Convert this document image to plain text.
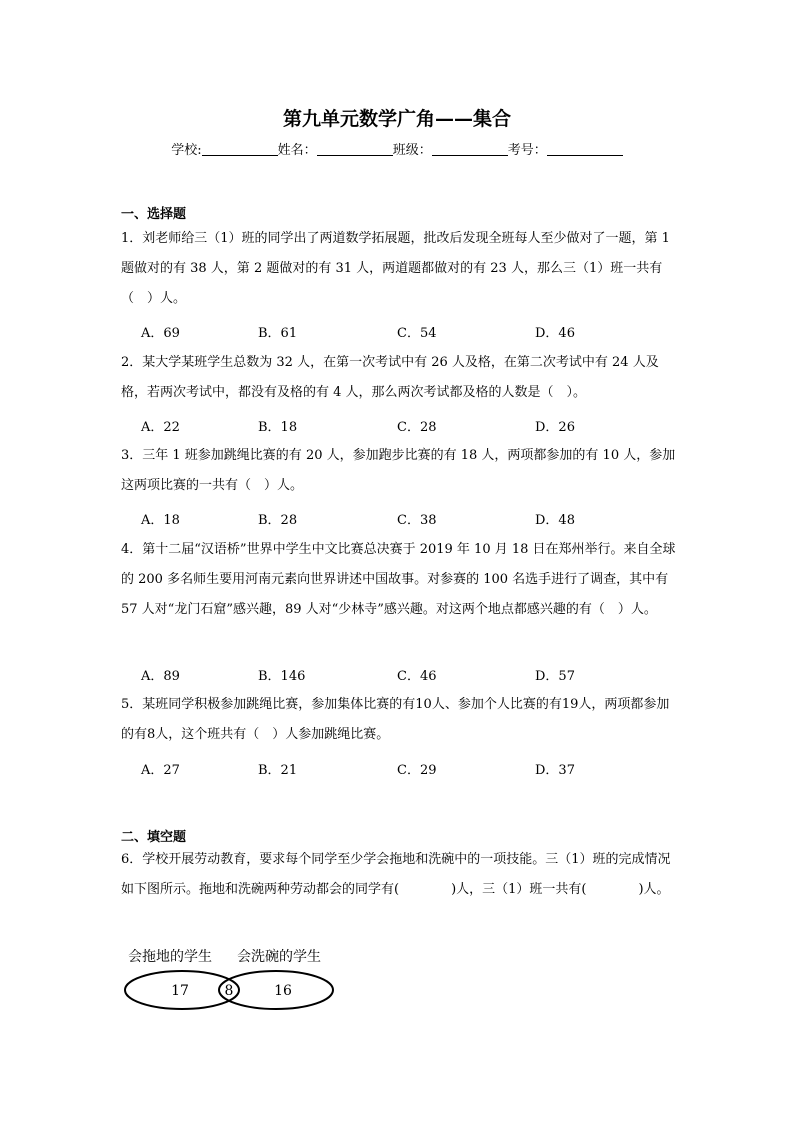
第九单元数学广角——集合
学校:	姓名：	班级：	考号：
一、选择题
1．刘老师给三（1）班的同学出了两道数学拓展题，批改后发现全班每人至少做对了一题，第 1 题做对的有 38 人，第 2 题做对的有 31 人，两道题都做对的有 23 人，那么三（1）班一共有（　）人。
A．69	B．61	C．54	D．46
2．某大学某班学生总数为 32 人，在第一次考试中有 26 人及格，在第二次考试中有 24 人及格，若两次考试中，都没有及格的有 4 人，那么两次考试都及格的人数是（　）。
A．22	B．18	C．28	D．26
3．三年 1 班参加跳绳比赛的有 20 人，参加跑步比赛的有 18 人，两项都参加的有 10 人，参加这两项比赛的一共有（　）人。
A．18	B．28	C．38	D．48
4．第十二届“汉语桥”世界中学生中文比赛总决赛于 2019 年 10 月 18 日在郑州举行。来自全球的 200 多名师生要用河南元素向世界讲述中国故事。对参赛的 100 名选手进行了调查，其中有 57 人对“龙门石窟”感兴趣，89 人对“少林寺”感兴趣。对这两个地点都感兴趣的有（　）人。
A．89	B．146	C．46	D．57
5．某班同学积极参加跳绳比赛，参加集体比赛的有10人、参加个人比赛的有19人，两项都参加的有8人，这个班共有（　）人参加跳绳比赛。
A．27	B．21	C．29	D．37
二、填空题
6．学校开展劳动教育，要求每个同学至少学会拖地和洗碗中的一项技能。三（1）班的完成情况如下图所示。拖地和洗碗两种劳动都会的同学有(　　　　)人，三（1）班一共有(　　　　)人。
会拖地的学生 会洗碗的学生
17	8	16
